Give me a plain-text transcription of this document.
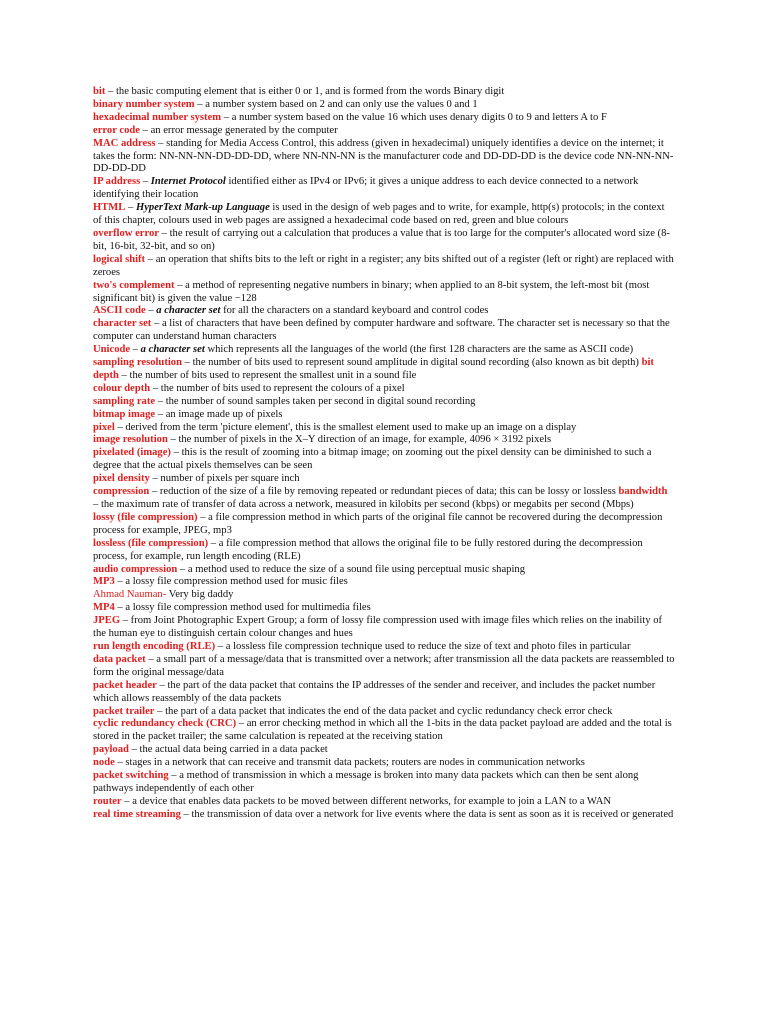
bit – the basic computing element that is either 0 or 1, and is formed from the words Binary digit

binary number system – a number system based on 2 and can only use the values 0 and 1

hexadecimal number system – a number system based on the value 16 which uses denary digits 0 to 9 and letters A to F

error code – an error message generated by the computer

MAC address – standing for Media Access Control, this address (given in hexadecimal) uniquely identifies a device on the internet; it takes the form: NN-NN-NN-DD-DD-DD, where NN-NN-NN is the manufacturer code and DD-DD-DD is the device code NN-NN-NN-DD-DD-DD

IP address – Internet Protocol identified either as IPv4 or IPv6; it gives a unique address to each device connected to a network identifying their location

HTML – HyperText Mark-up Language is used in the design of web pages and to write, for example, http(s) protocols; in the context of this chapter, colours used in web pages are assigned a hexadecimal code based on red, green and blue colours

overflow error – the result of carrying out a calculation that produces a value that is too large for the computer's allocated word size (8-bit, 16-bit, 32-bit, and so on)

logical shift – an operation that shifts bits to the left or right in a register; any bits shifted out of a register (left or right) are replaced with zeroes

two's complement – a method of representing negative numbers in binary; when applied to an 8-bit system, the left-most bit (most significant bit) is given the value −128

ASCII code – a character set for all the characters on a standard keyboard and control codes

character set – a list of characters that have been defined by computer hardware and software. The character set is necessary so that the computer can understand human characters

Unicode – a character set which represents all the languages of the world (the first 128 characters are the same as ASCII code) sampling resolution – the number of bits used to represent sound amplitude in digital sound recording (also known as bit depth) bit depth – the number of bits used to represent the smallest unit in a sound file

colour depth – the number of bits used to represent the colours of a pixel

sampling rate – the number of sound samples taken per second in digital sound recording

bitmap image – an image made up of pixels

pixel – derived from the term 'picture element', this is the smallest element used to make up an image on a display

image resolution – the number of pixels in the X–Y direction of an image, for example, 4096 × 3192 pixels

pixelated (image) – this is the result of zooming into a bitmap image; on zooming out the pixel density can be diminished to such a degree that the actual pixels themselves can be seen

pixel density – number of pixels per square inch

compression – reduction of the size of a file by removing repeated or redundant pieces of data; this can be lossy or lossless bandwidth – the maximum rate of transfer of data across a network, measured in kilobits per second (kbps) or megabits per second (Mbps)

lossy (file compression) – a file compression method in which parts of the original file cannot be recovered during the decompression process for example, JPEG, mp3

lossless (file compression) – a file compression method that allows the original file to be fully restored during the decompression process, for example, run length encoding (RLE)

audio compression – a method used to reduce the size of a sound file using perceptual music shaping

MP3 – a lossy file compression method used for music files

Ahmad Nauman- Very big daddy

MP4 – a lossy file compression method used for multimedia files

JPEG – from Joint Photographic Expert Group; a form of lossy file compression used with image files which relies on the inability of the human eye to distinguish certain colour changes and hues

run length encoding (RLE) – a lossless file compression technique used to reduce the size of text and photo files in particular

data packet – a small part of a message/data that is transmitted over a network; after transmission all the data packets are reassembled to form the original message/data

packet header – the part of the data packet that contains the IP addresses of the sender and receiver, and includes the packet number which allows reassembly of the data packets

packet trailer – the part of a data packet that indicates the end of the data packet and cyclic redundancy check error check

cyclic redundancy check (CRC) – an error checking method in which all the 1-bits in the data packet payload are added and the total is stored in the packet trailer; the same calculation is repeated at the receiving station

payload – the actual data being carried in a data packet

node – stages in a network that can receive and transmit data packets; routers are nodes in communication networks

packet switching – a method of transmission in which a message is broken into many data packets which can then be sent along pathways independently of each other

router – a device that enables data packets to be moved between different networks, for example to join a LAN to a WAN

real time streaming – the transmission of data over a network for live events where the data is sent as soon as it is received or generated
